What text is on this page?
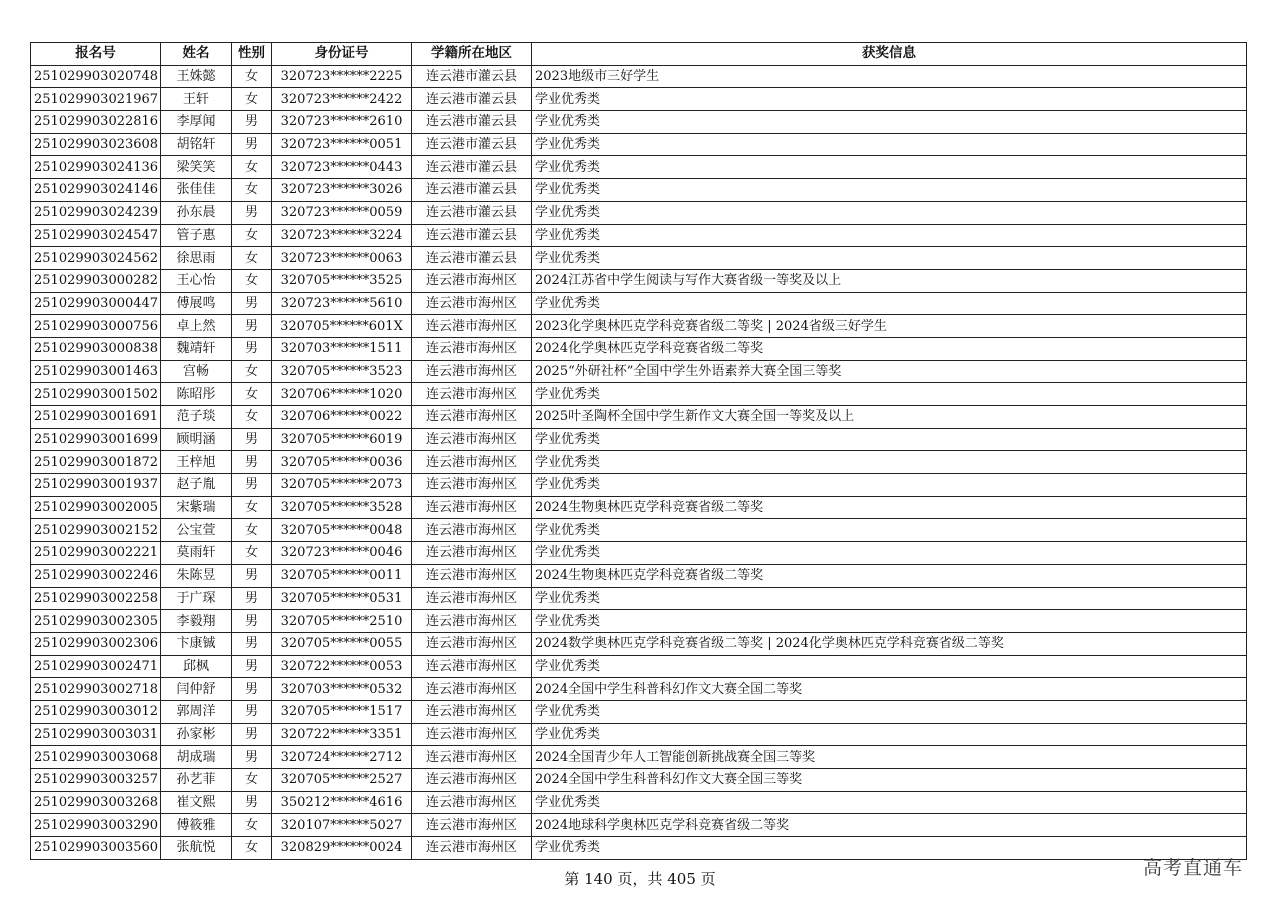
报名号	姓名	性别	身份证号	学籍所在地区	获奖信息
251029903020748	王姝懿	女	320723******2225	连云港市灌云县	2023地级市三好学生
251029903021967	王轩	女	320723******2422	连云港市灌云县	学业优秀类
251029903022816	李厚闻	男	320723******2610	连云港市灌云县	学业优秀类
251029903023608	胡铭轩	男	320723******0051	连云港市灌云县	学业优秀类
251029903024136	梁笑笑	女	320723******0443	连云港市灌云县	学业优秀类
251029903024146	张佳佳	女	320723******3026	连云港市灌云县	学业优秀类
251029903024239	孙东晨	男	320723******0059	连云港市灌云县	学业优秀类
251029903024547	管子惠	女	320723******3224	连云港市灌云县	学业优秀类
251029903024562	徐思雨	女	320723******0063	连云港市灌云县	学业优秀类
251029903000282	王心怡	女	320705******3525	连云港市海州区	2024江苏省中学生阅读与写作大赛省级一等奖及以上
251029903000447	傅展鸣	男	320723******5610	连云港市海州区	学业优秀类
251029903000756	卓上然	男	320705******601X	连云港市海州区	2023化学奥林匹克学科竞赛省级二等奖 | 2024省级三好学生
251029903000838	魏靖轩	男	320703******1511	连云港市海州区	2024化学奥林匹克学科竞赛省级二等奖
251029903001463	宫畅	女	320705******3523	连云港市海州区	2025“外研社杯”全国中学生外语素养大赛全国三等奖
251029903001502	陈昭彤	女	320706******1020	连云港市海州区	学业优秀类
251029903001691	范子琰	女	320706******0022	连云港市海州区	2025叶圣陶杯全国中学生新作文大赛全国一等奖及以上
251029903001699	顾明涵	男	320705******6019	连云港市海州区	学业优秀类
251029903001872	王梓旭	男	320705******0036	连云港市海州区	学业优秀类
251029903001937	赵子胤	男	320705******2073	连云港市海州区	学业优秀类
251029903002005	宋紫瑞	女	320705******3528	连云港市海州区	2024生物奥林匹克学科竞赛省级二等奖
251029903002152	公宝萱	女	320705******0048	连云港市海州区	学业优秀类
251029903002221	莫雨轩	女	320723******0046	连云港市海州区	学业优秀类
251029903002246	朱陈昱	男	320705******0011	连云港市海州区	2024生物奥林匹克学科竞赛省级二等奖
251029903002258	于广琛	男	320705******0531	连云港市海州区	学业优秀类
251029903002305	李毅翔	男	320705******2510	连云港市海州区	学业优秀类
251029903002306	卞康铖	男	320705******0055	连云港市海州区	2024数学奥林匹克学科竞赛省级二等奖 | 2024化学奥林匹克学科竞赛省级二等奖
251029903002471	邱枫	男	320722******0053	连云港市海州区	学业优秀类
251029903002718	闫仲舒	男	320703******0532	连云港市海州区	2024全国中学生科普科幻作文大赛全国二等奖
251029903003012	郭周洋	男	320705******1517	连云港市海州区	学业优秀类
251029903003031	孙家彬	男	320722******3351	连云港市海州区	学业优秀类
251029903003068	胡成瑞	男	320724******2712	连云港市海州区	2024全国青少年人工智能创新挑战赛全国三等奖
251029903003257	孙艺菲	女	320705******2527	连云港市海州区	2024全国中学生科普科幻作文大赛全国三等奖
251029903003268	崔文熙	男	350212******4616	连云港市海州区	学业优秀类
251029903003290	傅筱雅	女	320107******5027	连云港市海州区	2024地球科学奥林匹克学科竞赛省级二等奖
251029903003560	张航悦	女	320829******0024	连云港市海州区	学业优秀类
第 140 页，共 405 页	高考直通车
